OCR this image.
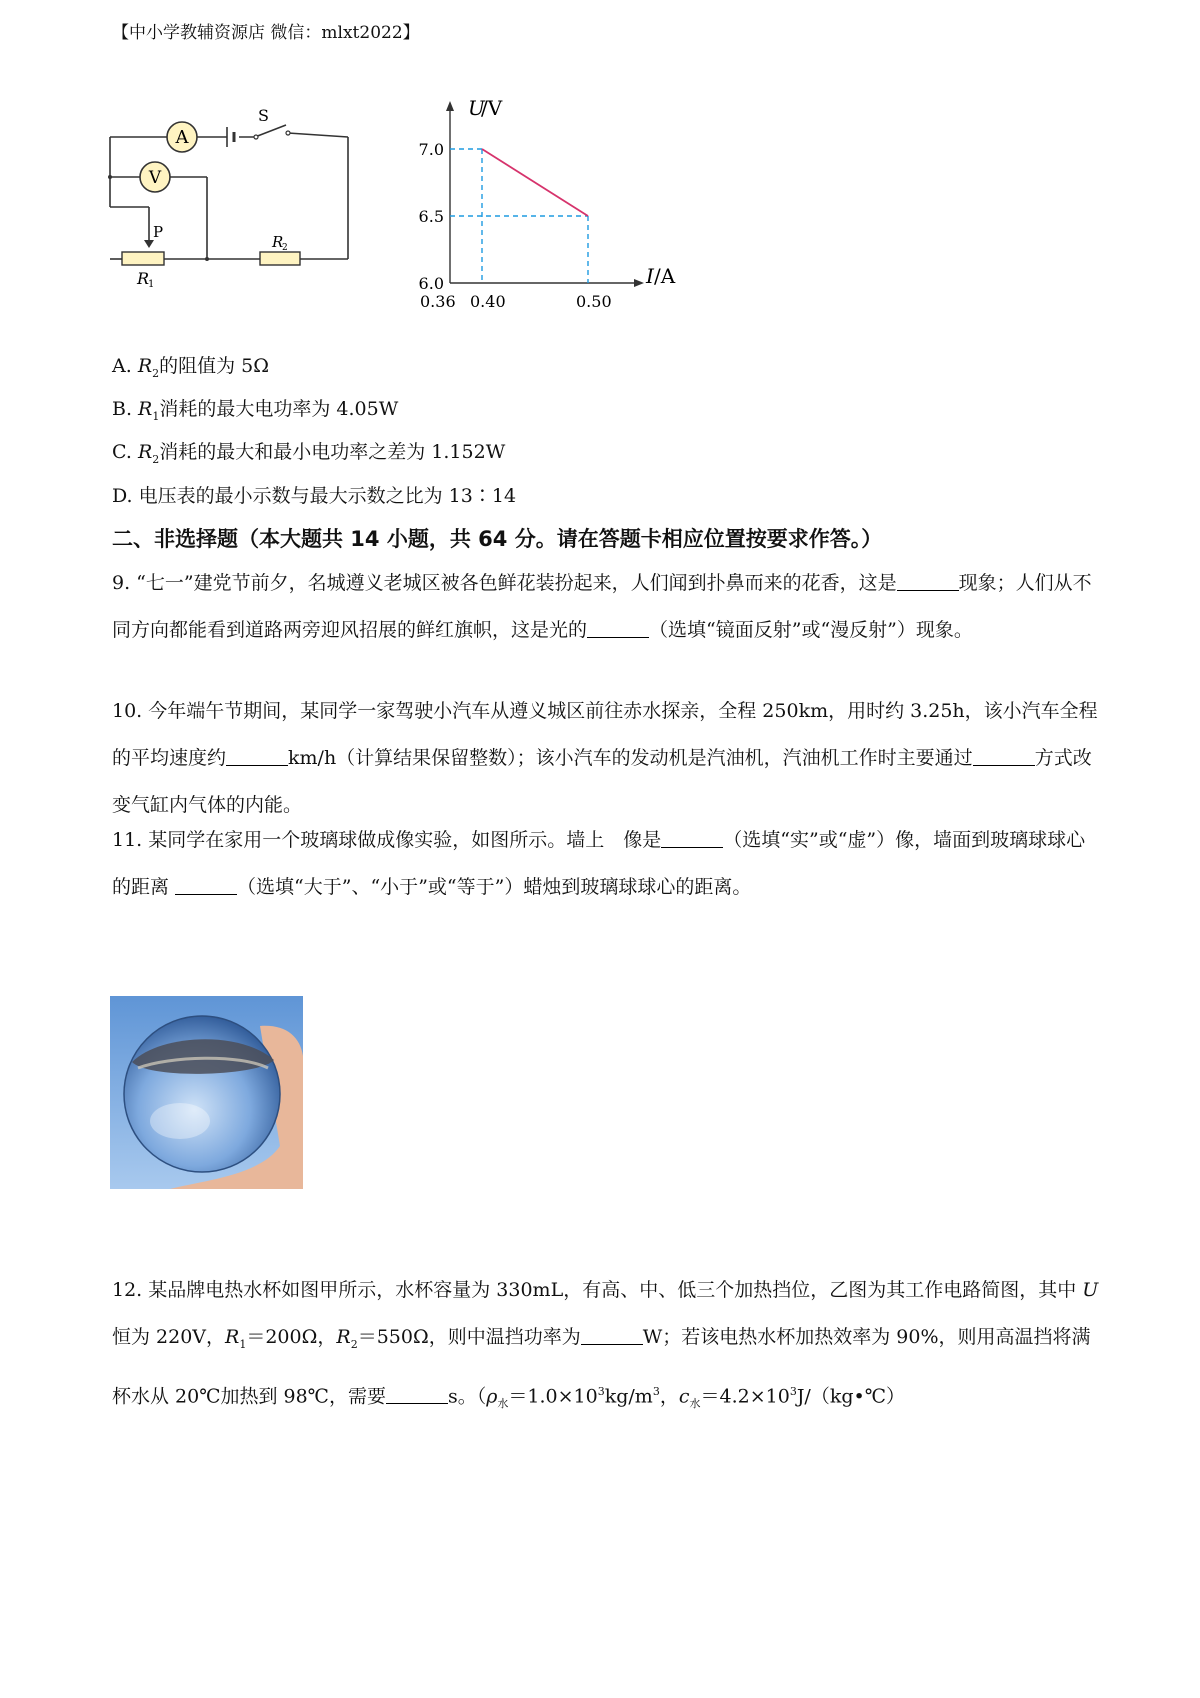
【中小学教辅资源店 微信：mlxt2022】
A
V
S
P
R
1
R
2
6.0
6.5
7.0
0.36 0.40	0.50
U
/V
I /A
A. $R_2$的阻值为 5Ω
B. $R_1$消耗的最大电功率为 4.05W
C. $R_2$消耗的最大和最小电功率之差为 1.152W
D. 电压表的最小示数与最大示数之比为 13∶14
二、非选择题（本大题共 14 小题，共 64 分。请在答题卡相应位置按要求作答。）
9. “七一”建党节前夕，名城遵义老城区被各色鲜花装扮起来，人们闻到扑鼻而来的花香，这是	现象；人们从不同方向都能看到道路两旁迎风招展的鲜红旗帜，这是光的	（选填“镜面反射”或“漫反射”）现象。
10. 今年端午节期间，某同学一家驾驶小汽车从遵义城区前往赤水探亲，全程 250km，用时约 3.25h，该小汽车全程的平均速度约	km/h（计算结果保留整数）；该小汽车的发动机是汽油机，汽油机工作时主要通过	方式改变气缸内气体的内能。
11. 某同学在家用一个玻璃球做成像实验，如图所示。墙上　像是	（选填“实”或“虚”）像，墙面到玻璃球球心的距离	（选填“大于”、“小于”或“等于”）蜡烛到玻璃球球心的距离。
12. 某品牌电热水杯如图甲所示，水杯容量为 330mL，有高、中、低三个加热挡位，乙图为其工作电路简图，其中 U 恒为 220V，$R_1=200\Omega$，$R_2=550\Omega$，则中温挡功率为	W；若该电热水杯加热效率为 90%，则用高温挡将满杯水从 20℃加热到 98℃，需要	s。（$\rho_水=1.0\times 10^3kg/m^3$，$c_水=4.2\times 10^3J/(kg•℃)$
